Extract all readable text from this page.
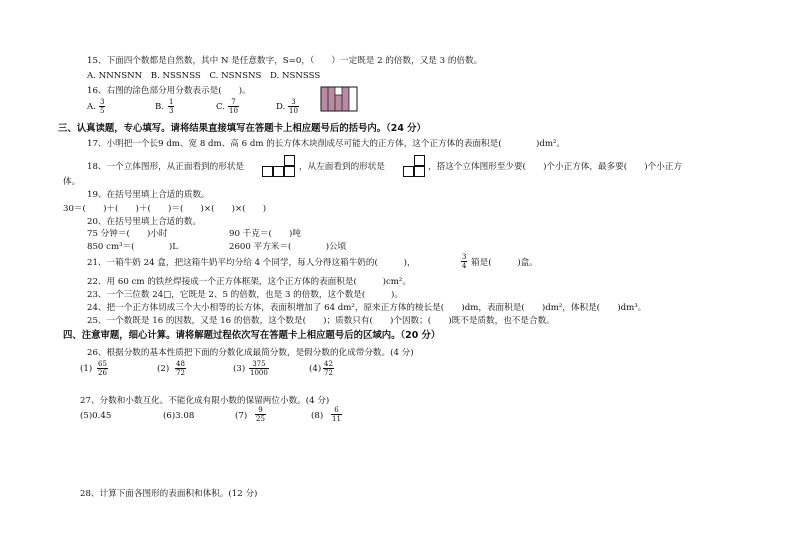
15、下面四个数都是自然数，其中 N 是任意数字，S=0，（　　）一定既是 2 的倍数，又是 3 的倍数。
A. NNNSNN　B. NSSNSS　C. NSNSNS　D. NSNSSS
16、右图的涂色部分用分数表示是(　　)。
A. $\frac{3}{5}$	B. $\frac{1}{3}$	C. $\frac{7}{10}$	D. $\frac{3}{10}$
三、认真读题，专心填写。请将结果直接填写在答题卡上相应题号后的括号内。（24 分）
17、小明把一个长9 dm、宽 8 dm、高 6 dm 的长方体木块削成尽可能大的正方体，这个正方体的表面积是(　　　　)dm²。
18、一个立体图形，从正面看到的形状是	，从左面看到的形状是	，搭这个立体图形至少要(　　)个小正方体，最多要(　　)个小正方
体。
19、在括号里填上合适的质数。
30＝(　　)＋(　　)＋(　　)＝(　　)×(　　)×(　　)
20、在括号里填上合适的数。
75 分钟＝(　　)小时	90 千克＝(　　)吨
850 cm³＝(　　　　)L	2600 平方米＝(　　　　)公顷
21、一箱牛奶 24 盒，把这箱牛奶平均分给 4 个同学，每人分得这箱牛奶的(　　　)，	$\frac{3}{4}$ 箱是(　　　)盒。
22、用 60 cm 的铁丝焊接成一个正方体框架，这个正方体的表面积是(　　　)cm²。
23、一个三位数 24□，它既是 2、5 的倍数，也是 3 的倍数，这个数是(　　　)。
24、把一个正方体切成三个大小相等的长方体，表面积增加了 64 dm²，原来正方体的棱长是(　　)dm，表面积是(　　)dm²，体积是(　　)dm³。
25、一个数既是 16 的因数，又是 16 的倍数，这个数是(　　)；质数只有(　　)个因数；(　　)既不是质数，也不是合数。
四、注意审题，细心计算。请将解题过程依次写在答题卡上相应题号后的区域内。（20 分）
26、根据分数的基本性质把下面的分数化成最简分数，是假分数的化成带分数。(4 分)
$(1) \frac{65}{26}$	$(2) \frac{48}{72}$	$(3) \frac{375}{1000}$	$(4) \frac{42}{72}$
27、分数和小数互化。不能化成有限小数的保留两位小数。(4 分)
(5)0.45	(6)3.08	$(7) \frac{9}{25}$	$(8) \frac{6}{11}$
28、计算下面各图形的表面积和体积。(12 分)
